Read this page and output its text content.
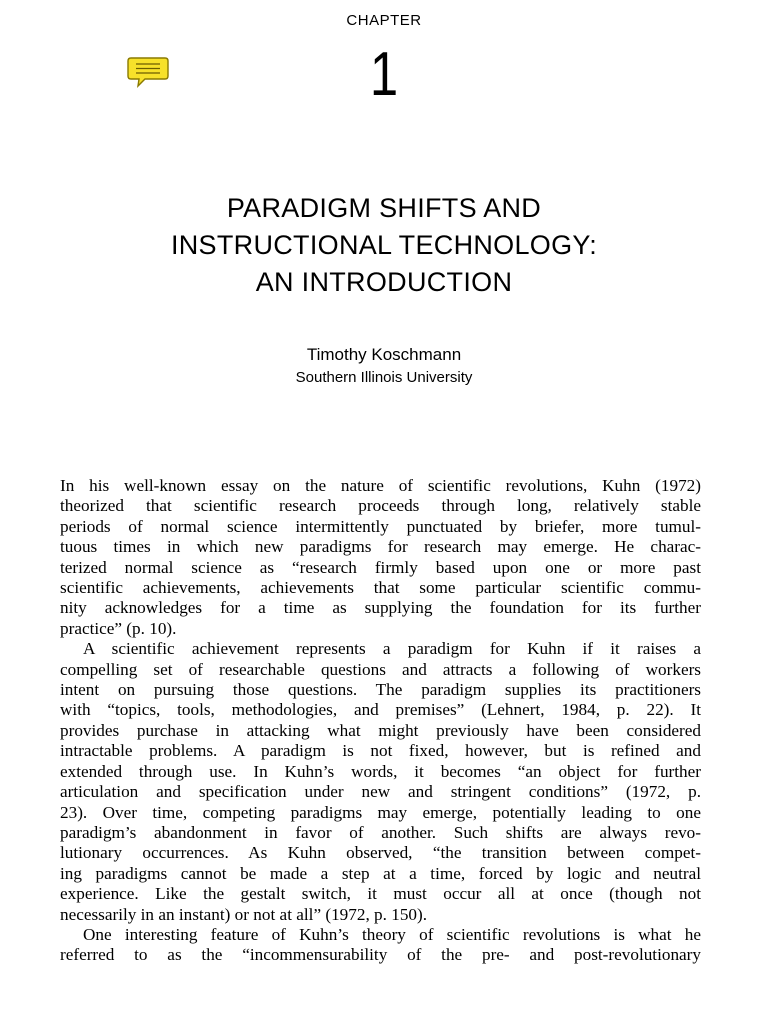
CHAPTER
1
PARADIGM SHIFTS AND
INSTRUCTIONAL TECHNOLOGY:
AN INTRODUCTION
Timothy Koschmann
Southern Illinois University
In his well-known essay on the nature of scientific revolutions, Kuhn (1972)
theorized that scientific research proceeds through long, relatively stable
periods of normal science intermittently punctuated by briefer, more tumul-
tuous times in which new paradigms for research may emerge. He charac-
terized normal science as “research firmly based upon one or more past
scientific achievements, achievements that some particular scientific commu-
nity acknowledges for a time as supplying the foundation for its further
practice” (p. 10).
A scientific achievement represents a paradigm for Kuhn if it raises a
compelling set of researchable questions and attracts a following of workers
intent on pursuing those questions. The paradigm supplies its practitioners
with “topics, tools, methodologies, and premises” (Lehnert, 1984, p. 22). It
provides purchase in attacking what might previously have been considered
intractable problems. A paradigm is not fixed, however, but is refined and
extended through use. In Kuhn’s words, it becomes “an object for further
articulation and specification under new and stringent conditions” (1972, p.
23). Over time, competing paradigms may emerge, potentially leading to one
paradigm’s abandonment in favor of another. Such shifts are always revo-
lutionary occurrences. As Kuhn observed, “the transition between compet-
ing paradigms cannot be made a step at a time, forced by logic and neutral
experience. Like the gestalt switch, it must occur all at once (though not
necessarily in an instant) or not at all” (1972, p. 150).
One interesting feature of Kuhn’s theory of scientific revolutions is what he
referred to as the “incommensurability of the pre- and post-revolutionary
